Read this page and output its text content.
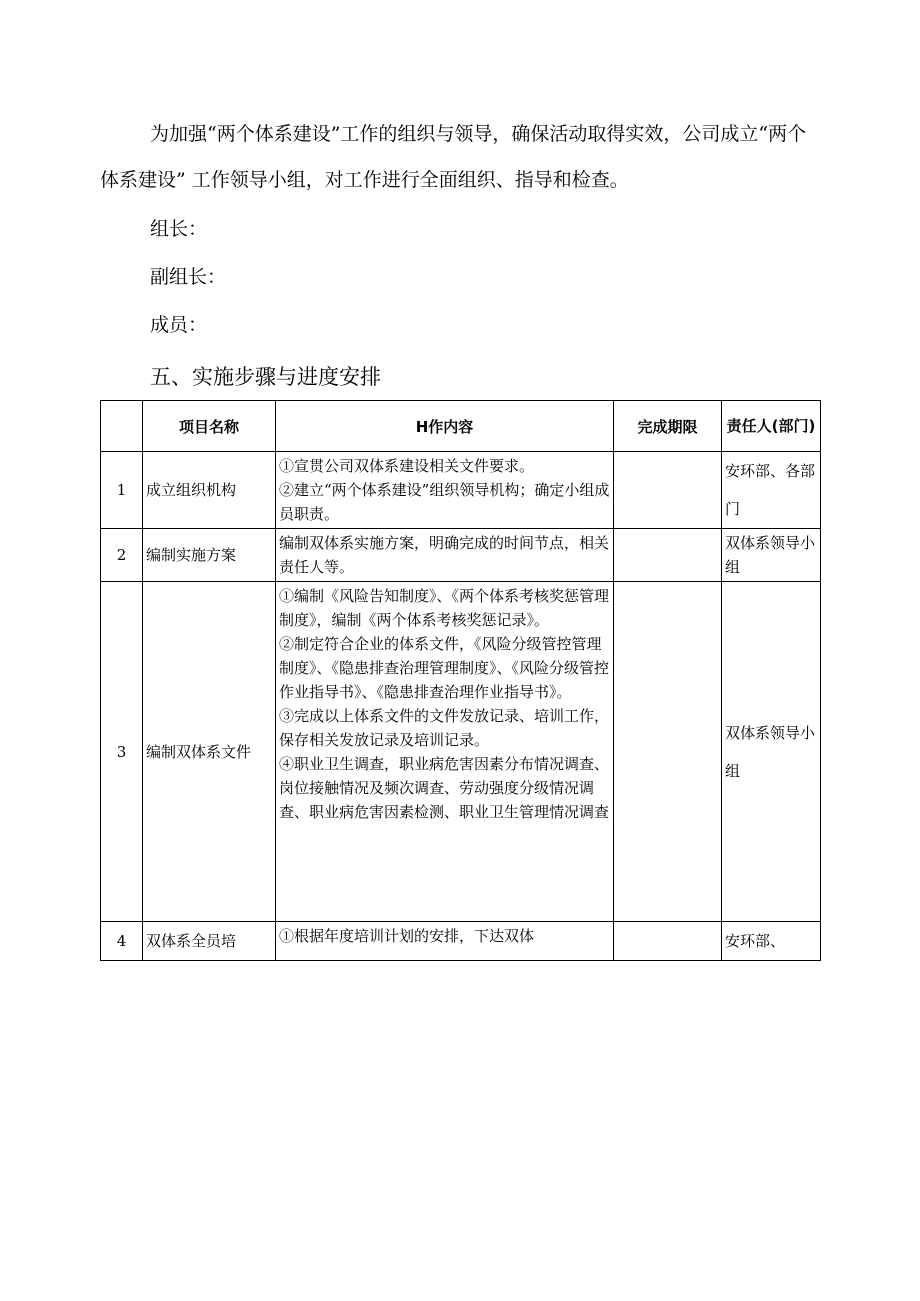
为加强“两个体系建设”工作的组织与领导，确保活动取得实效，公司成立“两个体系建设” 工作领导小组，对工作进行全面组织、指导和检查。

组长：

副组长：

成员：

五、实施步骤与进度安排
	项目名称	H作内容	完成期限	责任人(部门)
1	成立组织机构	①宣贯公司双体系建设相关文件要求。
②建立“两个体系建设”组织领导机构；确定小组成员职责。		安环部、各部门
2	编制实施方案	编制双体系实施方案，明确完成的时间节点，相关责任人等。		双体系领导小组
3	编制双体系文件	①编制《风险告知制度》、《两个体系考核奖惩管理制度》，编制《两个体系考核奖惩记录》。
②制定符合企业的体系文件，《风险分级管控管理制度》、《隐患排查治理管理制度》、《风险分级管控作业指导书》、《隐患排查治理作业指导书》。
③完成以上体系文件的文件发放记录、培训工作，保存相关发放记录及培训记录。
④职业卫生调查，职业病危害因素分布情况调查、岗位接触情况及频次调查、劳动强度分级情况调查、职业病危害因素检测、职业卫生管理情况调查		双体系领导小组
4	双体系全员培	①根据年度培训计划的安排，下达双体		安环部、
